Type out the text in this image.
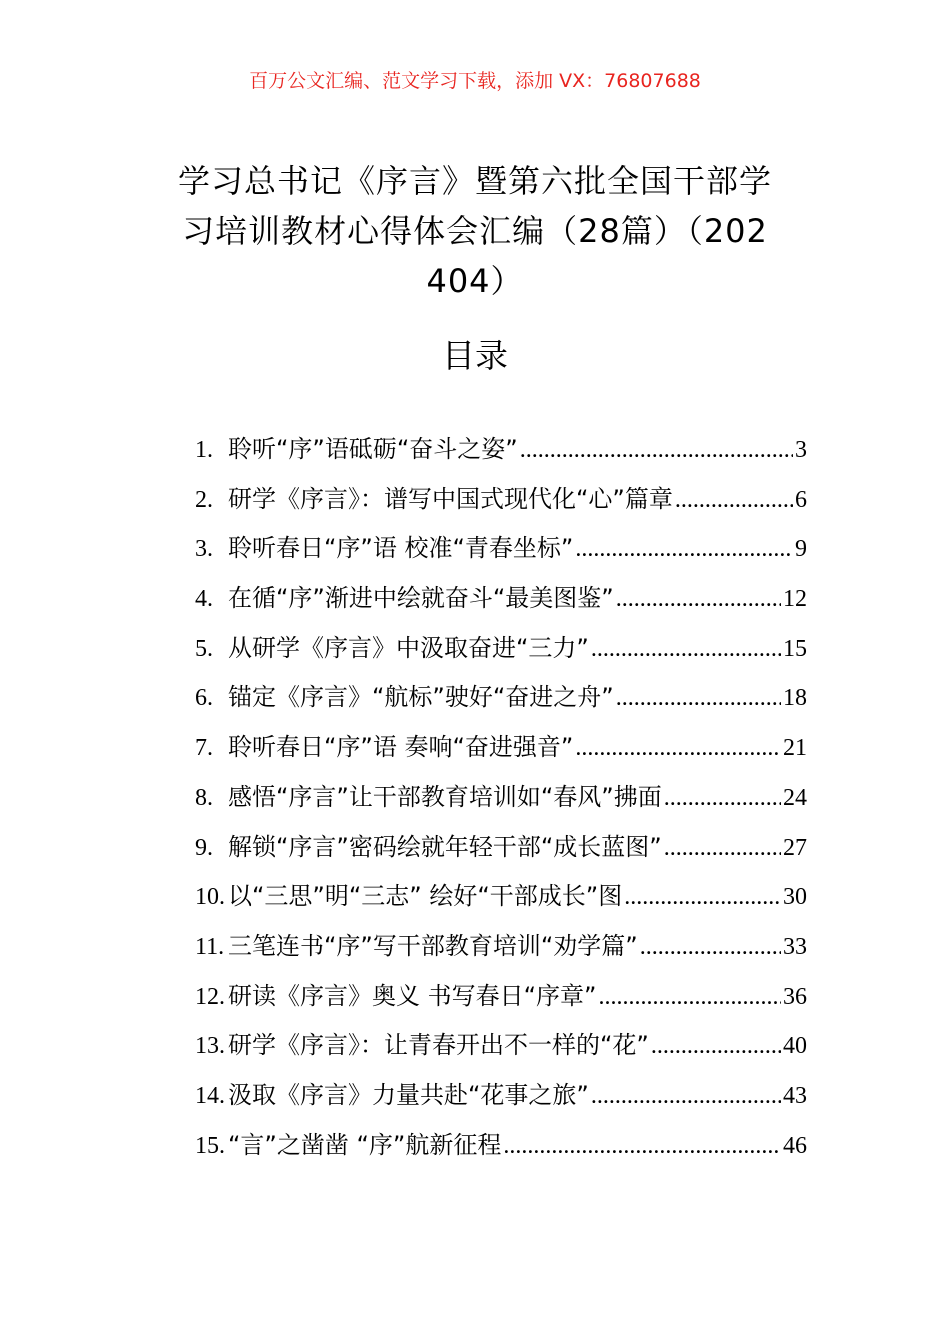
百万公文汇编、范文学习下载，添加 VX：76807688
学习总书记《序言》暨第六批全国干部学
习培训教材心得体会汇编（28篇）（202
404）
目录
1. 聆听“序”语砥砺“奋斗之姿” .....	3
2. 研学《序言》：谱写中国式现代化“心”篇章 .....	6
3. 聆听春日“序”语 校准“青春坐标” .....	9
4. 在循“序”渐进中绘就奋斗“最美图鉴” .....	12
5. 从研学《序言》中汲取奋进“三力” .....	15
6. 锚定《序言》“航标”驶好“奋进之舟” .....	18
7. 聆听春日“序”语 奏响“奋进强音” .....	21
8. 感悟“序言”让干部教育培训如“春风”拂面 .....	24
9. 解锁“序言”密码绘就年轻干部“成长蓝图” .....	27
10. 以“三思”明“三志” 绘好“干部成长”图 .....	30
11. 三笔连书“序”写干部教育培训“劝学篇” .....	33
12. 研读《序言》奥义 书写春日“序章” .....	36
13. 研学《序言》：让青春开出不一样的“花” .....	40
14. 汲取《序言》力量共赴“花事之旅” .....	43
15. “言”之凿凿 “序”航新征程 .....	46
